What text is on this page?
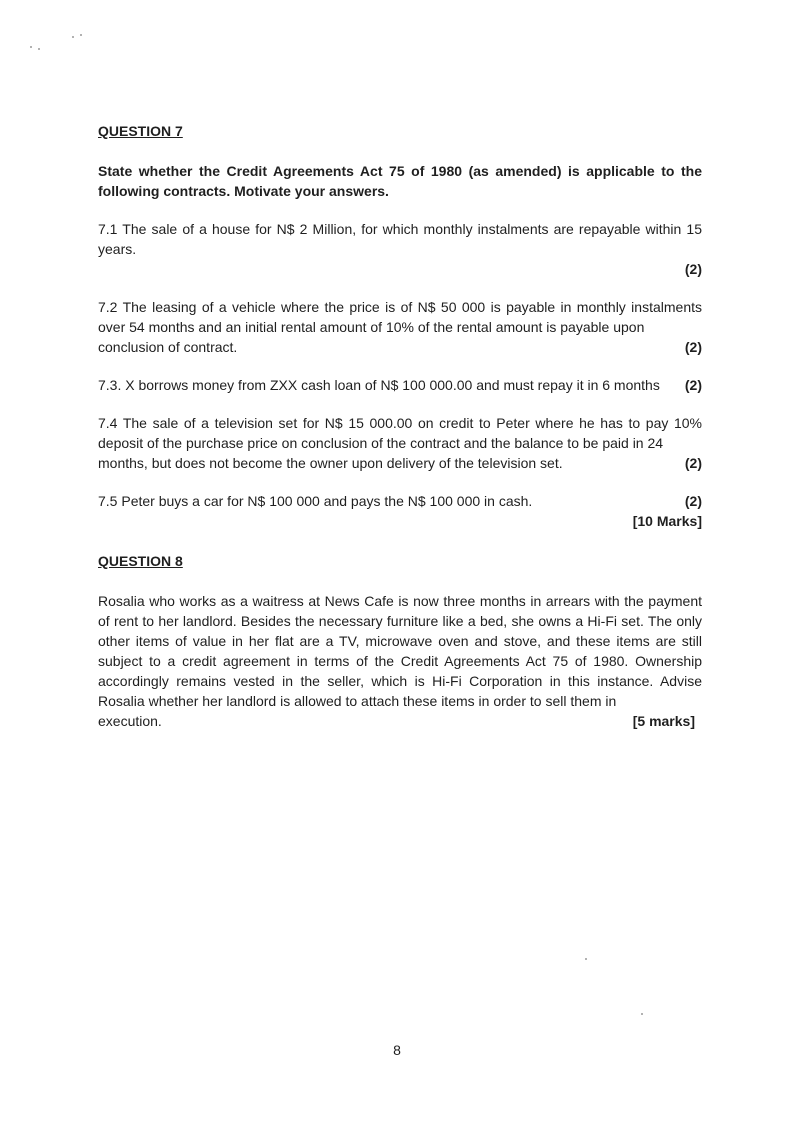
QUESTION 7

State whether the Credit Agreements Act 75 of 1980 (as amended) is applicable to the following contracts. Motivate your answers.

7.1 The sale of a house for N$ 2 Million, for which monthly instalments are repayable within 15 years.
(2)
7.2 The leasing of a vehicle where the price is of N$ 50 000 is payable in monthly instalments over 54 months and an initial rental amount of 10% of the rental amount is payable upon
conclusion of contract.	(2)
7.3. X borrows money from ZXX cash loan of N$ 100 000.00 and must repay it in 6 months (2)
7.4 The sale of a television set for N$ 15 000.00 on credit to Peter where he has to pay 10% deposit of the purchase price on conclusion of the contract and the balance to be paid in 24
months, but does not become the owner upon delivery of the television set.	(2)
7.5 Peter buys a car for N$ 100 000 and pays the N$ 100 000 in cash.	(2)
[10 Marks]

QUESTION 8

Rosalia who works as a waitress at News Cafe is now three months in arrears with the payment of rent to her landlord. Besides the necessary furniture like a bed, she owns a Hi-Fi set. The only other items of value in her flat are a TV, microwave oven and stove, and these items are still subject to a credit agreement in terms of the Credit Agreements Act 75 of 1980. Ownership accordingly remains vested in the seller, which is Hi-Fi Corporation in this instance. Advise Rosalia whether her landlord is allowed to attach these items in order to sell them in
execution.	[5 marks]
8
